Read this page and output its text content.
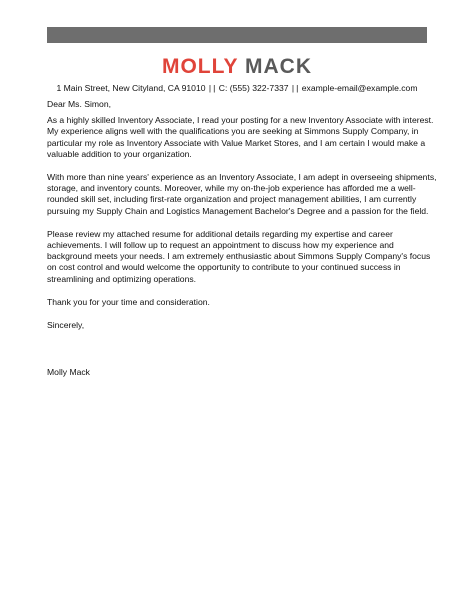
MOLLY MACK
1 Main Street, New Cityland, CA 91010 | | C: (555) 322-7337 | | example-email@example.com

Dear Ms. Simon,

As a highly skilled Inventory Associate, I read your posting for a new Inventory Associate with interest. My experience aligns well with the qualifications you are seeking at Simmons Supply Company, in particular my role as Inventory Associate with Value Market Stores, and I am certain I would make a valuable addition to your organization.

With more than nine years' experience as an Inventory Associate, I am adept in overseeing shipments, storage, and inventory counts. Moreover, while my on-the-job experience has afforded me a well-rounded skill set, including first-rate organization and project management abilities, I am currently pursuing my Supply Chain and Logistics Management Bachelor's Degree and a passion for the field.

Please review my attached resume for additional details regarding my expertise and career achievements. I will follow up to request an appointment to discuss how my experience and background meets your needs. I am extremely enthusiastic about Simmons Supply Company's focus on cost control and would welcome the opportunity to contribute to your continued success in streamlining and optimizing operations.

Thank you for your time and consideration.

Sincerely,

Molly Mack
